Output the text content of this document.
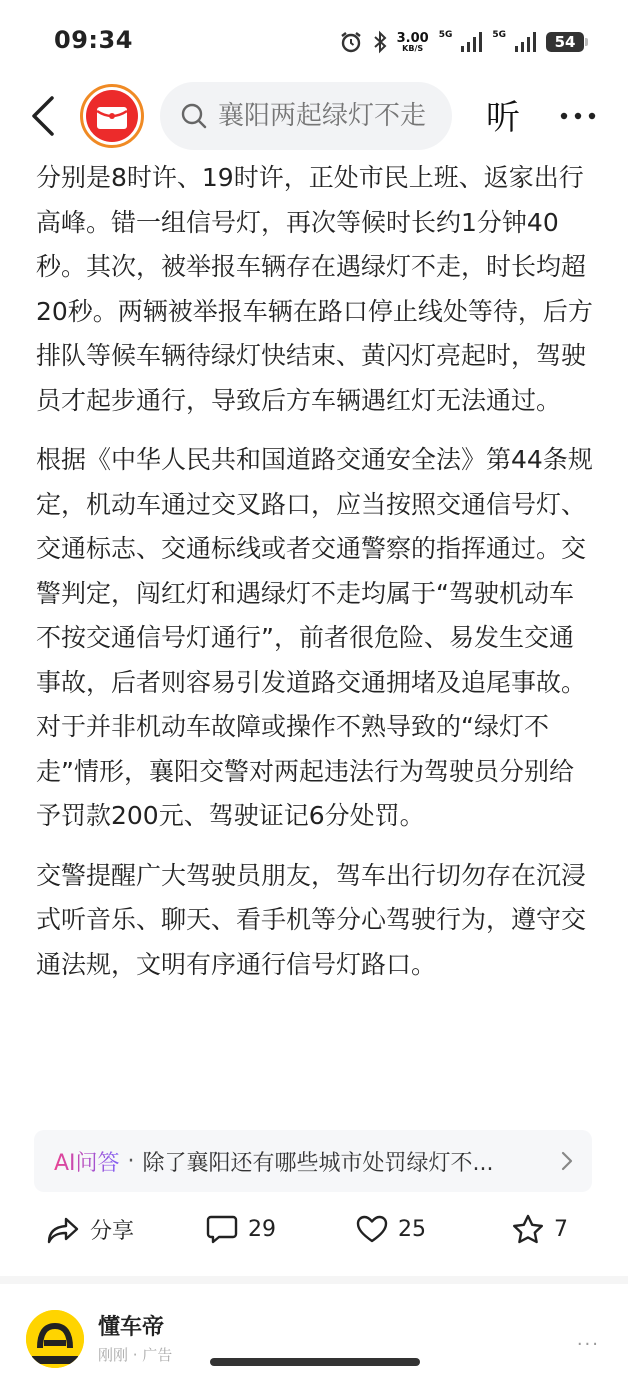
09:34	3.00
KB/S
5G	5G	54
襄阳两起绿灯不走
听

分别是8时许、19时许，正处市民上班、返家出行高峰。错一组信号灯，再次等候时长约1分钟40秒。其次，被举报车辆存在遇绿灯不走，时长均超20秒。两辆被举报车辆在路口停止线处等待，后方排队等候车辆待绿灯快结束、黄闪灯亮起时，驾驶员才起步通行，导致后方车辆遇红灯无法通过。

根据《中华人民共和国道路交通安全法》第44条规定，机动车通过交叉路口，应当按照交通信号灯、交通标志、交通标线或者交通警察的指挥通过。交警判定，闯红灯和遇绿灯不走均属于“驾驶机动车不按交通信号灯通行”，前者很危险、易发生交通事故，后者则容易引发道路交通拥堵及追尾事故。对于并非机动车故障或操作不熟导致的“绿灯不走”情形，襄阳交警对两起违法行为驾驶员分别给予罚款200元、驾驶证记6分处罚。

交警提醒广大驾驶员朋友，驾车出行切勿存在沉浸式听音乐、聊天、看手机等分心驾驶行为，遵守交通法规，文明有序通行信号灯路口。

AI问答 · 除了襄阳还有哪些城市处罚绿灯不...
分享	29	25	7
懂车帝
刚刚 · 广告	···
